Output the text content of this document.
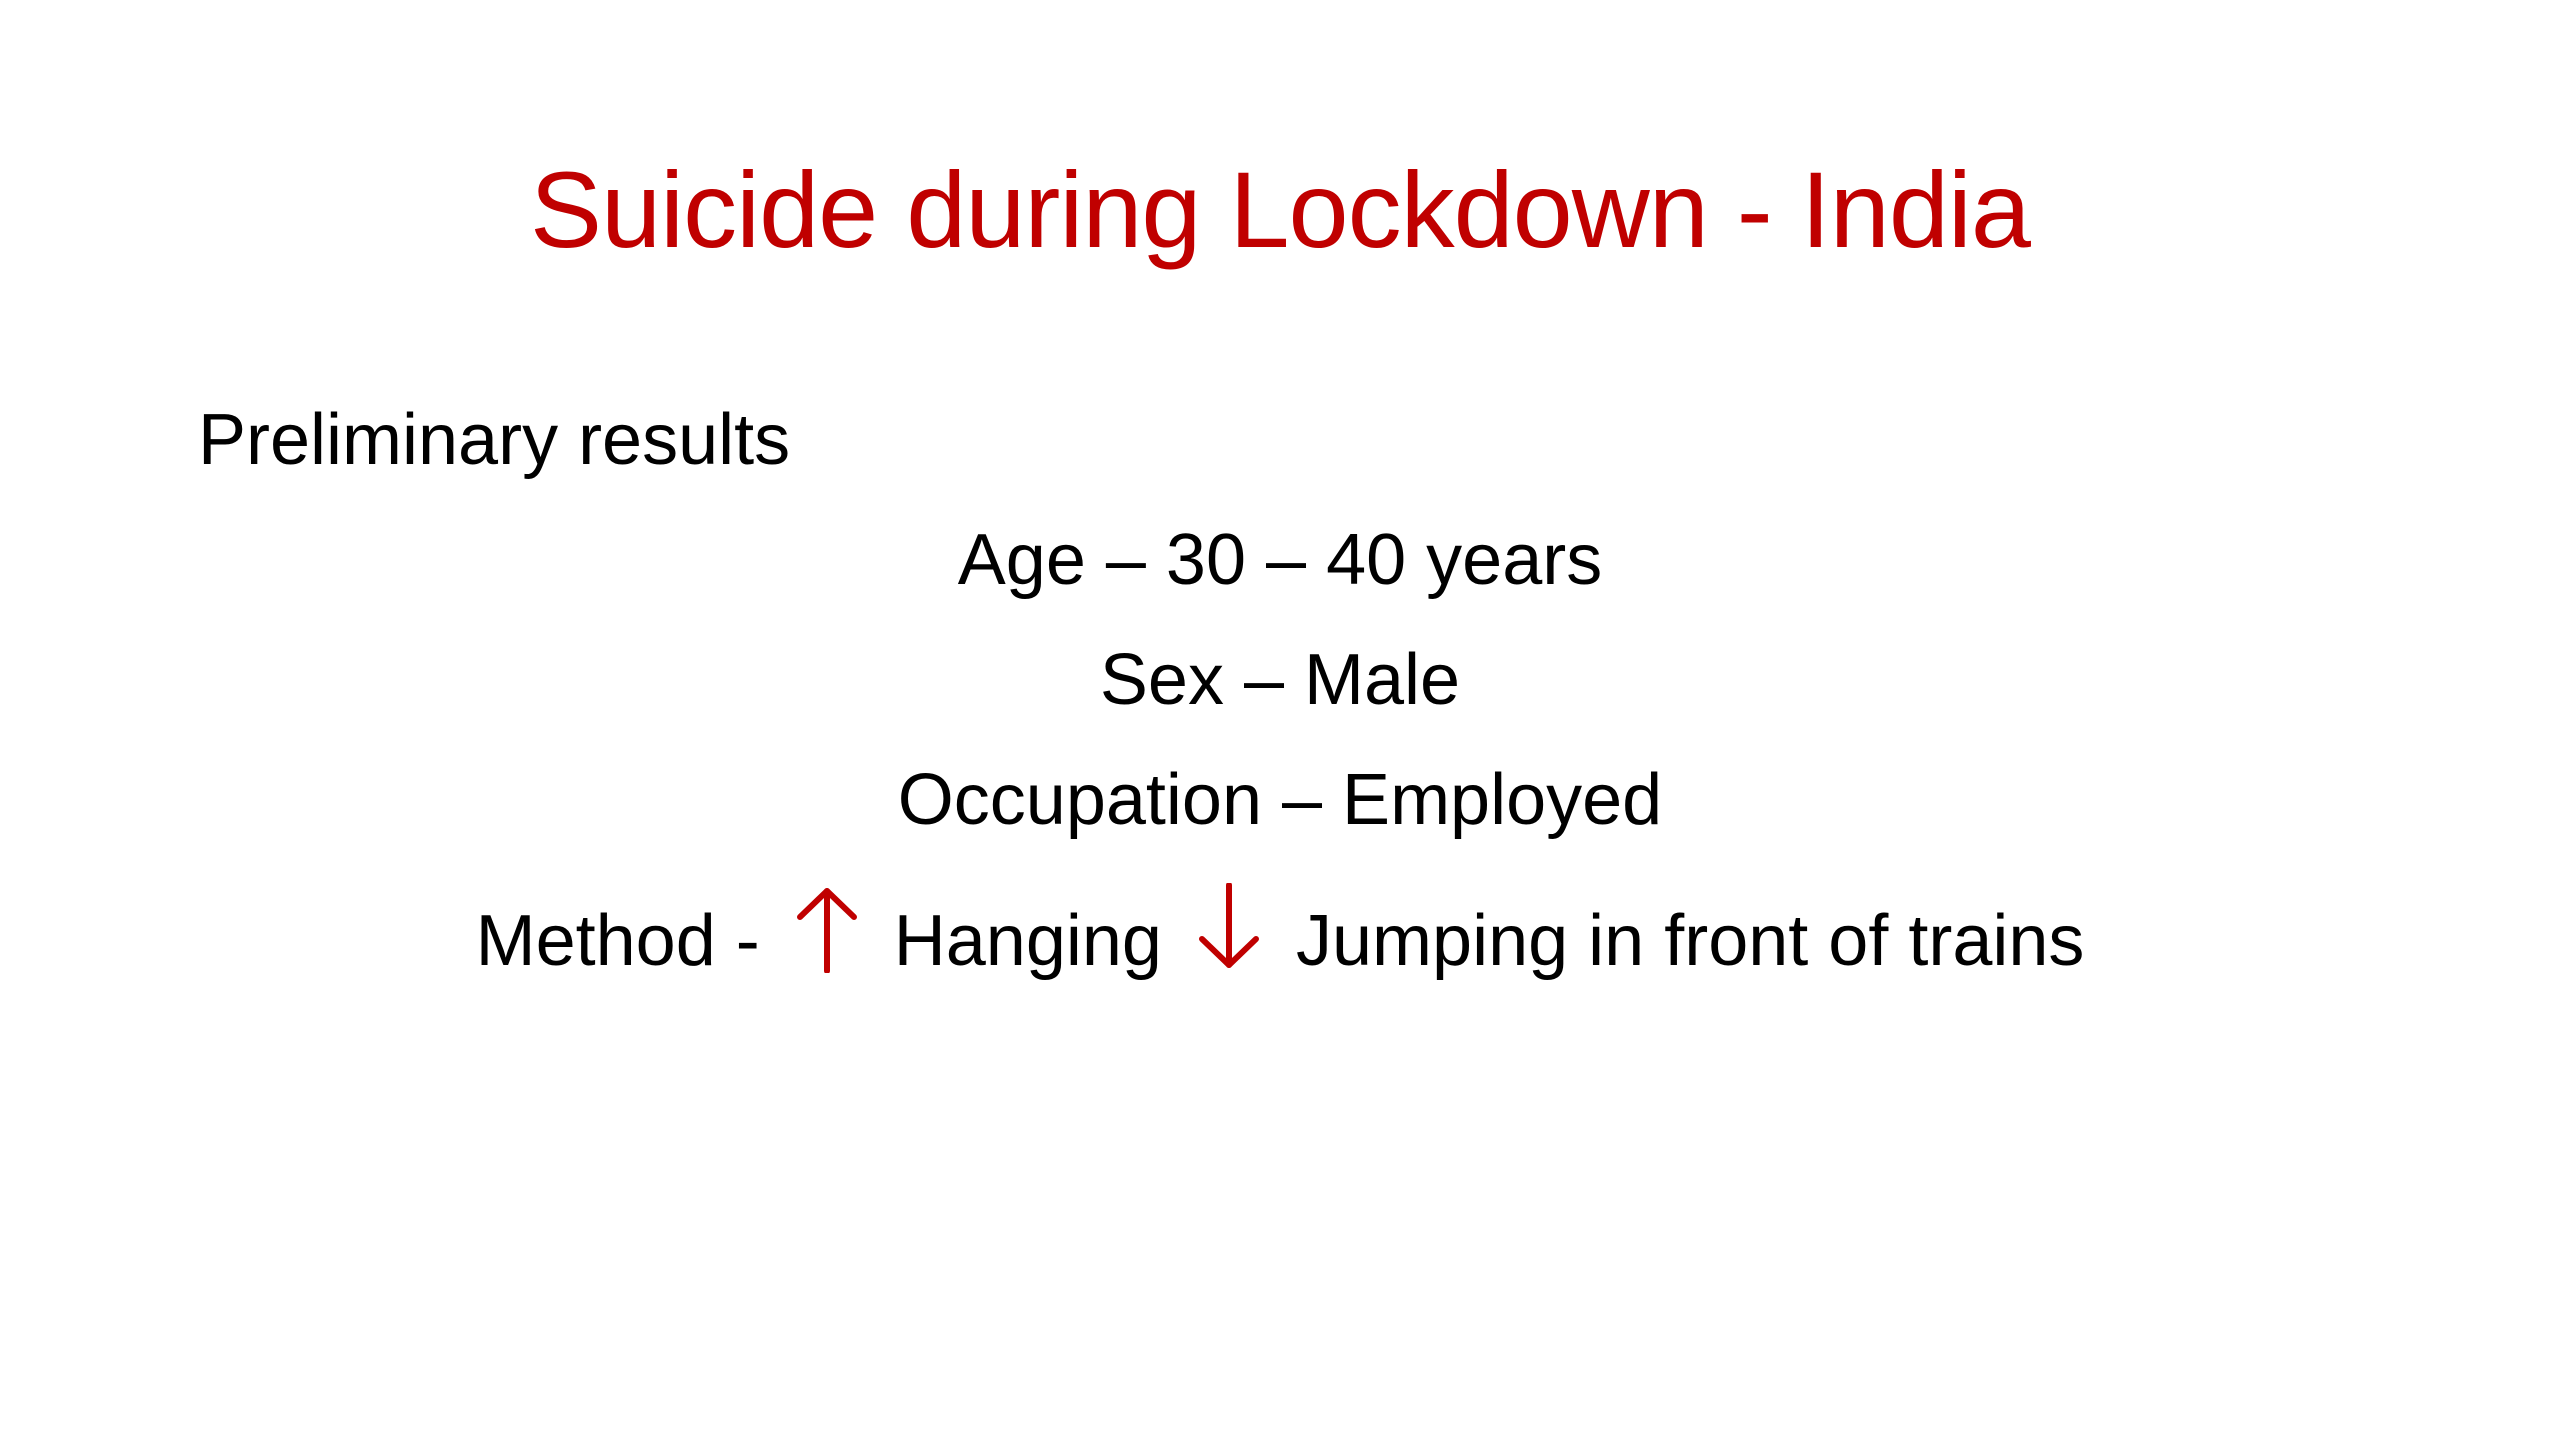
Suicide during Lockdown - India
Preliminary results
Age – 30 – 40 years
Sex – Male
Occupation – Employed
Method - Hanging Jumping in front of trains
